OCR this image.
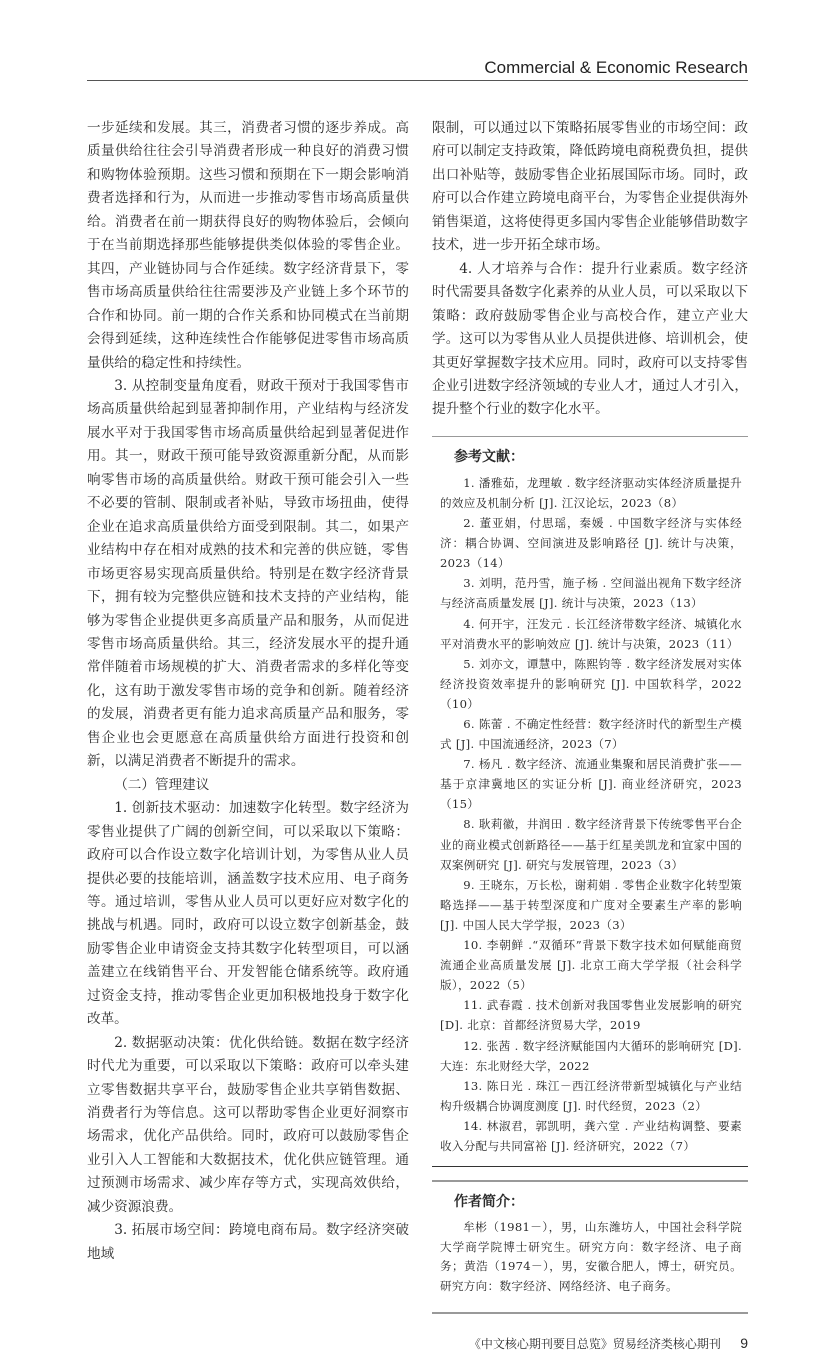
Commercial & Economic Research

一步延续和发展。其三，消费者习惯的逐步养成。高质量供给往往会引导消费者形成一种良好的消费习惯和购物体验预期。这些习惯和预期在下一期会影响消费者选择和行为，从而进一步推动零售市场高质量供给。消费者在前一期获得良好的购物体验后，会倾向于在当前期选择那些能够提供类似体验的零售企业。其四，产业链协同与合作延续。数字经济背景下，零售市场高质量供给往往需要涉及产业链上多个环节的合作和协同。前一期的合作关系和协同模式在当前期会得到延续，这种连续性合作能够促进零售市场高质量供给的稳定性和持续性。

3. 从控制变量角度看，财政干预对于我国零售市场高质量供给起到显著抑制作用，产业结构与经济发展水平对于我国零售市场高质量供给起到显著促进作用。其一，财政干预可能导致资源重新分配，从而影响零售市场的高质量供给。财政干预可能会引入一些不必要的管制、限制或者补贴，导致市场扭曲，使得企业在追求高质量供给方面受到限制。其二，如果产业结构中存在相对成熟的技术和完善的供应链，零售市场更容易实现高质量供给。特别是在数字经济背景下，拥有较为完整供应链和技术支持的产业结构，能够为零售企业提供更多高质量产品和服务，从而促进零售市场高质量供给。其三，经济发展水平的提升通常伴随着市场规模的扩大、消费者需求的多样化等变化，这有助于激发零售市场的竞争和创新。随着经济的发展，消费者更有能力追求高质量产品和服务，零售企业也会更愿意在高质量供给方面进行投资和创新，以满足消费者不断提升的需求。

（二）管理建议

1. 创新技术驱动：加速数字化转型。数字经济为零售业提供了广阔的创新空间，可以采取以下策略：政府可以合作设立数字化培训计划，为零售从业人员提供必要的技能培训，涵盖数字技术应用、电子商务等。通过培训，零售从业人员可以更好应对数字化的挑战与机遇。同时，政府可以设立数字创新基金，鼓励零售企业申请资金支持其数字化转型项目，可以涵盖建立在线销售平台、开发智能仓储系统等。政府通过资金支持，推动零售企业更加积极地投身于数字化改革。

2. 数据驱动决策：优化供给链。数据在数字经济时代尤为重要，可以采取以下策略：政府可以牵头建立零售数据共享平台，鼓励零售企业共享销售数据、消费者行为等信息。这可以帮助零售企业更好洞察市场需求，优化产品供给。同时，政府可以鼓励零售企业引入人工智能和大数据技术，优化供应链管理。通过预测市场需求、减少库存等方式，实现高效供给，减少资源浪费。

3. 拓展市场空间：跨境电商布局。数字经济突破地域

限制，可以通过以下策略拓展零售业的市场空间：政府可以制定支持政策，降低跨境电商税费负担，提供出口补贴等，鼓励零售企业拓展国际市场。同时，政府可以合作建立跨境电商平台，为零售企业提供海外销售渠道，这将使得更多国内零售企业能够借助数字技术，进一步开拓全球市场。

4. 人才培养与合作：提升行业素质。数字经济时代需要具备数字化素养的从业人员，可以采取以下策略：政府鼓励零售企业与高校合作，建立产业大学。这可以为零售从业人员提供进修、培训机会，使其更好掌握数字技术应用。同时，政府可以支持零售企业引进数字经济领域的专业人才，通过人才引入，提升整个行业的数字化水平。

参考文献：

1. 潘雅茹，龙理敏 . 数字经济驱动实体经济质量提升的效应及机制分析 [J]. 江汉论坛，2023（8）

2. 董亚娟，付思瑶，秦媛 . 中国数字经济与实体经济：耦合协调、空间演进及影响路径 [J]. 统计与决策，2023（14）

3. 刘明，范丹雪，施子杨 . 空间溢出视角下数字经济与经济高质量发展 [J]. 统计与决策，2023（13）

4. 何开宇，汪发元 . 长江经济带数字经济、城镇化水平对消费水平的影响效应 [J]. 统计与决策，2023（11）

5. 刘亦文，谭慧中，陈熙钧等 . 数字经济发展对实体经济投资效率提升的影响研究 [J]. 中国软科学，2022（10）

6. 陈蕾 . 不确定性经营：数字经济时代的新型生产模式 [J]. 中国流通经济，2023（7）

7. 杨凡 . 数字经济、流通业集聚和居民消费扩张——基于京津冀地区的实证分析 [J]. 商业经济研究，2023（15）

8. 耿莉徽，井润田 . 数字经济背景下传统零售平台企业的商业模式创新路径——基于红星美凯龙和宜家中国的双案例研究 [J]. 研究与发展管理，2023（3）

9. 王晓东，万长松，谢莉娟 . 零售企业数字化转型策略选择——基于转型深度和广度对全要素生产率的影响 [J]. 中国人民大学学报，2023（3）

10. 李朝鲜 .“双循环”背景下数字技术如何赋能商贸流通企业高质量发展 [J]. 北京工商大学学报（社会科学版），2022（5）

11. 武春霞 . 技术创新对我国零售业发展影响的研究 [D]. 北京：首都经济贸易大学，2019

12. 张茜 . 数字经济赋能国内大循环的影响研究 [D]. 大连：东北财经大学，2022

13. 陈日光 . 珠江－西江经济带新型城镇化与产业结构升级耦合协调度测度 [J]. 时代经贸，2023（2）

14. 林淑君，郭凯明，龚六堂 . 产业结构调整、要素收入分配与共同富裕 [J]. 经济研究，2022（7）

作者简介：

牟彬（1981－），男，山东潍坊人，中国社会科学院大学商学院博士研究生。研究方向：数字经济、电子商务；黄浩（1974－），男，安徽合肥人，博士，研究员。研究方向：数字经济、网络经济、电子商务。

《中文核心期刊要目总览》贸易经济类核心期刊 9
